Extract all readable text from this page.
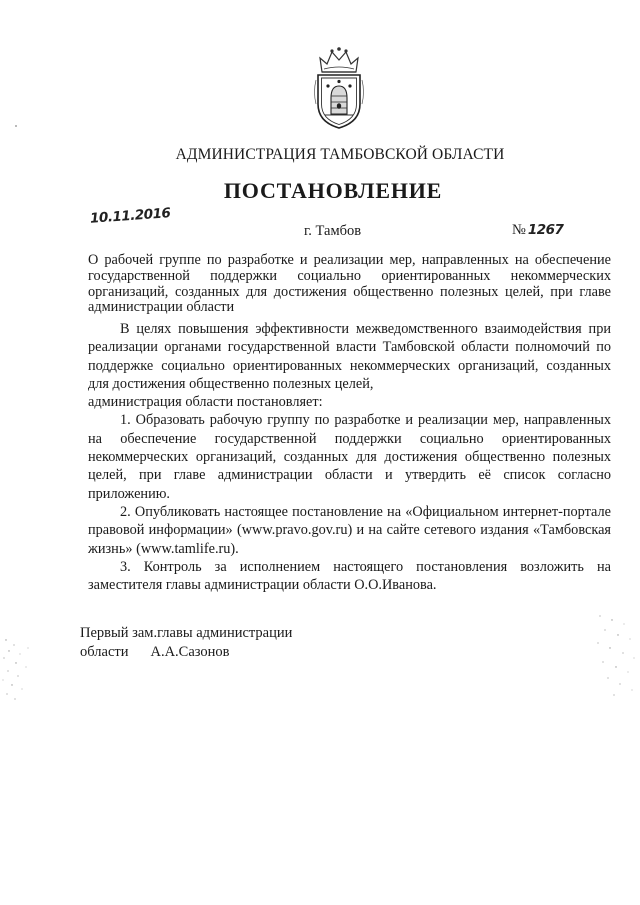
АДМИНИСТРАЦИЯ ТАМБОВСКОЙ ОБЛАСТИ
ПОСТАНОВЛЕНИЕ
10.11.2016
г. Тамбов	№ 1267
О рабочей группе по разработке и реализации мер, направленных на обеспечение государственной поддержки социально ориентированных некоммерческих организаций, созданных для достижения общественно полезных целей, при главе администрации области

В целях повышения эффективности межведомственного взаимодействия при реализации органами государственной власти Тамбовской области полномочий по поддержке социально ориентированных некоммерческих организаций, созданных для достижения общественно полезных целей,

администрация области постановляет:

1. Образовать рабочую группу по разработке и реализации мер, направленных на обеспечение государственной поддержки социально ориентированных некоммерческих организаций, созданных для достижения общественно полезных целей, при главе администрации области и утвердить её список согласно приложению.

2. Опубликовать настоящее постановление на «Официальном интернет-портале правовой информации» (www.pravo.gov.ru) и на сайте сетевого издания «Тамбовская жизнь» (www.tamlife.ru).

3. Контроль за исполнением настоящего постановления возложить на заместителя главы администрации области О.О.Иванова.

Первый зам.главы администрации
области А.А.Сазонов
